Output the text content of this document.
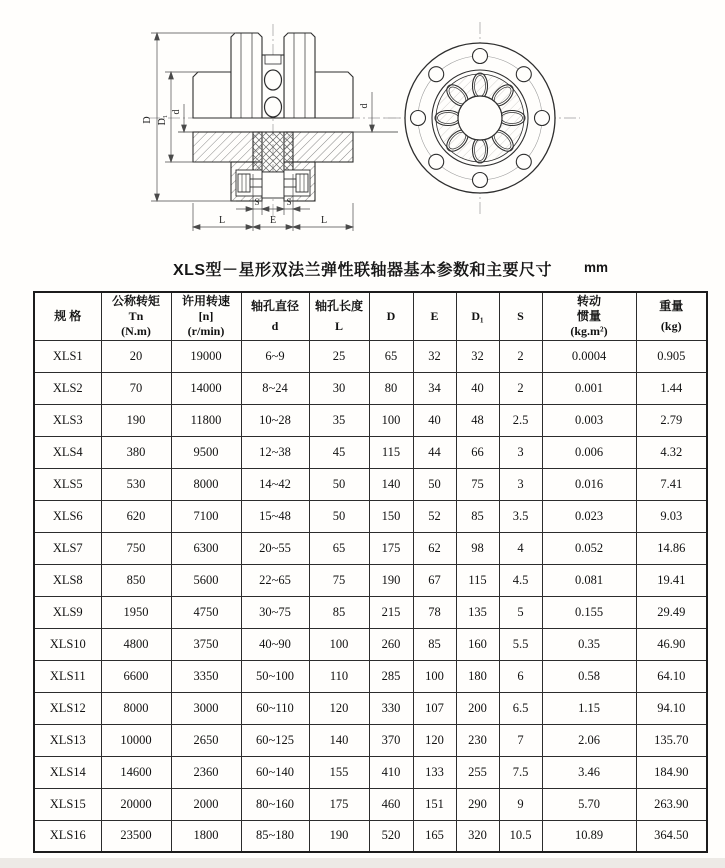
D D₁
d
d
S	S
L	E	L
XLS型－星形双法兰弹性联轴器基本参数和主要尺寸	mm
规 格

公称转矩
Tn
(N.m)

许用转速
[n]
(r/min)

轴孔直径
d

轴孔长度
L

D	E	D₁	S

转动
惯量
(kg.m²)

重量
(kg)

XLS1	20	19000	6~9	25	65	32	32	2	0.0004	0.905
XLS2	70	14000	8~24	30	80	34	40	2	0.001	1.44
XLS3	190	11800	10~28	35	100	40	48	2.5	0.003	2.79
XLS4	380	9500	12~38	45	115	44	66	3	0.006	4.32
XLS5	530	8000	14~42	50	140	50	75	3	0.016	7.41
XLS6	620	7100	15~48	50	150	52	85	3.5	0.023	9.03
XLS7	750	6300	20~55	65	175	62	98	4	0.052	14.86
XLS8	850	5600	22~65	75	190	67	115	4.5	0.081	19.41
XLS9	1950	4750	30~75	85	215	78	135	5	0.155	29.49
XLS10	4800	3750	40~90	100	260	85	160	5.5	0.35	46.90
XLS11	6600	3350	50~100	110	285	100	180	6	0.58	64.10
XLS12	8000	3000	60~110	120	330	107	200	6.5	1.15	94.10
XLS13	10000	2650	60~125	140	370	120	230	7	2.06	135.70
XLS14	14600	2360	60~140	155	410	133	255	7.5	3.46	184.90
XLS15	20000	2000	80~160	175	460	151	290	9	5.70	263.90
XLS16	23500	1800	85~180	190	520	165	320	10.5	10.89	364.50
